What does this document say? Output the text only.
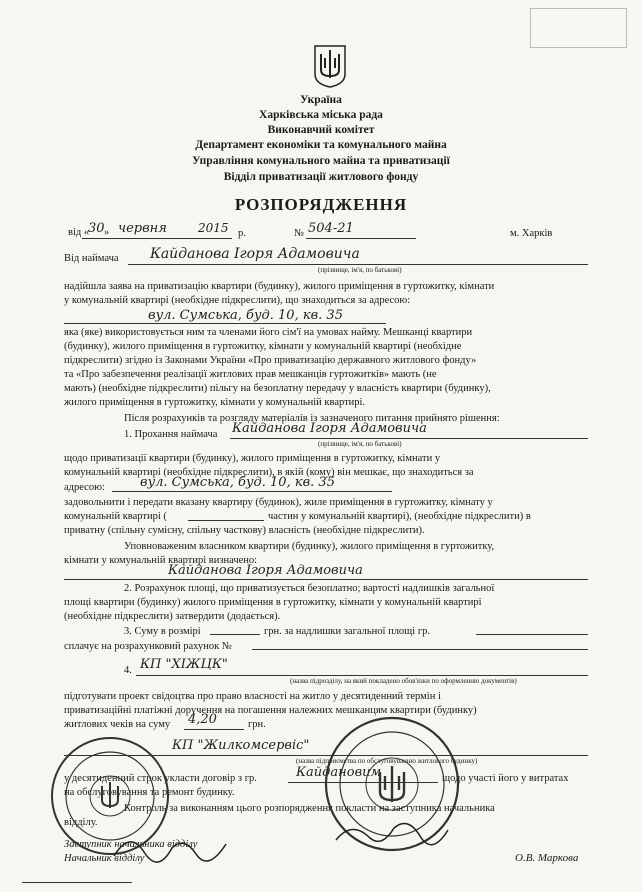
Україна
Харківська міська рада
Виконавчий комітет
Департамент економіки та комунального майна
Управління комунального майна та приватизації
Відділ приватизації житлового фонду
РОЗПОРЯДЖЕННЯ
від «
30 » червня	2015 р.	№ 504-21	м. Харків
Від наймача Кайданова Ігоря Адамовича
(прізвище, ім'я, по батькові)
надійшла заява на приватизацію квартири (будинку), жилого приміщення в гуртожитку, кімнати
у комунальній квартирі (необхідне підкреслити), що знаходиться за адресою:
вул. Сумська, буд. 10, кв. 35
яка (яке) використовується ним та членами його сім'ї на умовах найму. Мешканці квартири
(будинку), жилого приміщення в гуртожитку, кімнати у комунальній квартирі (необхідне
підкреслити) згідно із Законами України «Про приватизацію державного житлового фонду»
та «Про забезпечення реалізації житлових прав мешканців гуртожитків» мають (не
мають) (необхідне підкреслити) пільгу на безоплатну передачу у власність квартири (будинку),
жилого приміщення в гуртожитку, кімнати у комунальній квартирі.
Після розрахунків та розгляду матеріалів із зазначеного питання прийнято рішення:
1. Прохання наймача Кайданова Ігоря Адамовича
(прізвище, ім'я, по батькові)
щодо приватизації квартири (будинку), жилого приміщення в гуртожитку, кімнати у
комунальній квартирі (необхідне підкреслити), в якій (кому) він мешкає, що знаходиться за
адресою:	вул. Сумська, буд. 10, кв. 35
задовольнити і передати вказану квартиру (будинок), жиле приміщення в гуртожитку, кімнату у
комунальній квартирі (	частин у комунальній квартирі), (необхідне підкреслити) в
приватну (спільну сумісну, спільну часткову) власність (необхідне підкреслити).
Уповноваженим власником квартири (будинку), жилого приміщення в гуртожитку,
кімнати у комунальній квартирі визначено:
Кайданова Ігоря Адамовича
2. Розрахунок площі, що приватизується безоплатно; вартості надлишків загальної
площі квартири (будинку) жилого приміщення в гуртожитку, кімнати у комунальній квартирі
(необхідне підкреслити) затвердити (додається).
3. Суму в розмірі	грн. за надлишки загальної площі гр.
сплачує на розрахунковий рахунок №
4. КП "ХІЖЦК"
(назва підрозділу, на який покладено обов'язки по оформленню документів)
підготувати проект свідоцтва про право власності на житло у десятиденний термін і
приватизаційні платіжні доручення на погашення належних мешканцям квартири (будинку)
житлових чеків на суму 4,20	грн.
КП "Жилкомсервіс"
(назва підприємства по обслуговуванню житлового будинку)
у десятиденний строк укласти договір з гр.	Кайдановим	щодо участі його у витратах
на обслуговування та ремонт будинку.
Контроль за виконанням цього розпорядження покласти на заступника начальника
відділу.
Заступник начальника відділу
Начальник відділу	О.В. Маркова
